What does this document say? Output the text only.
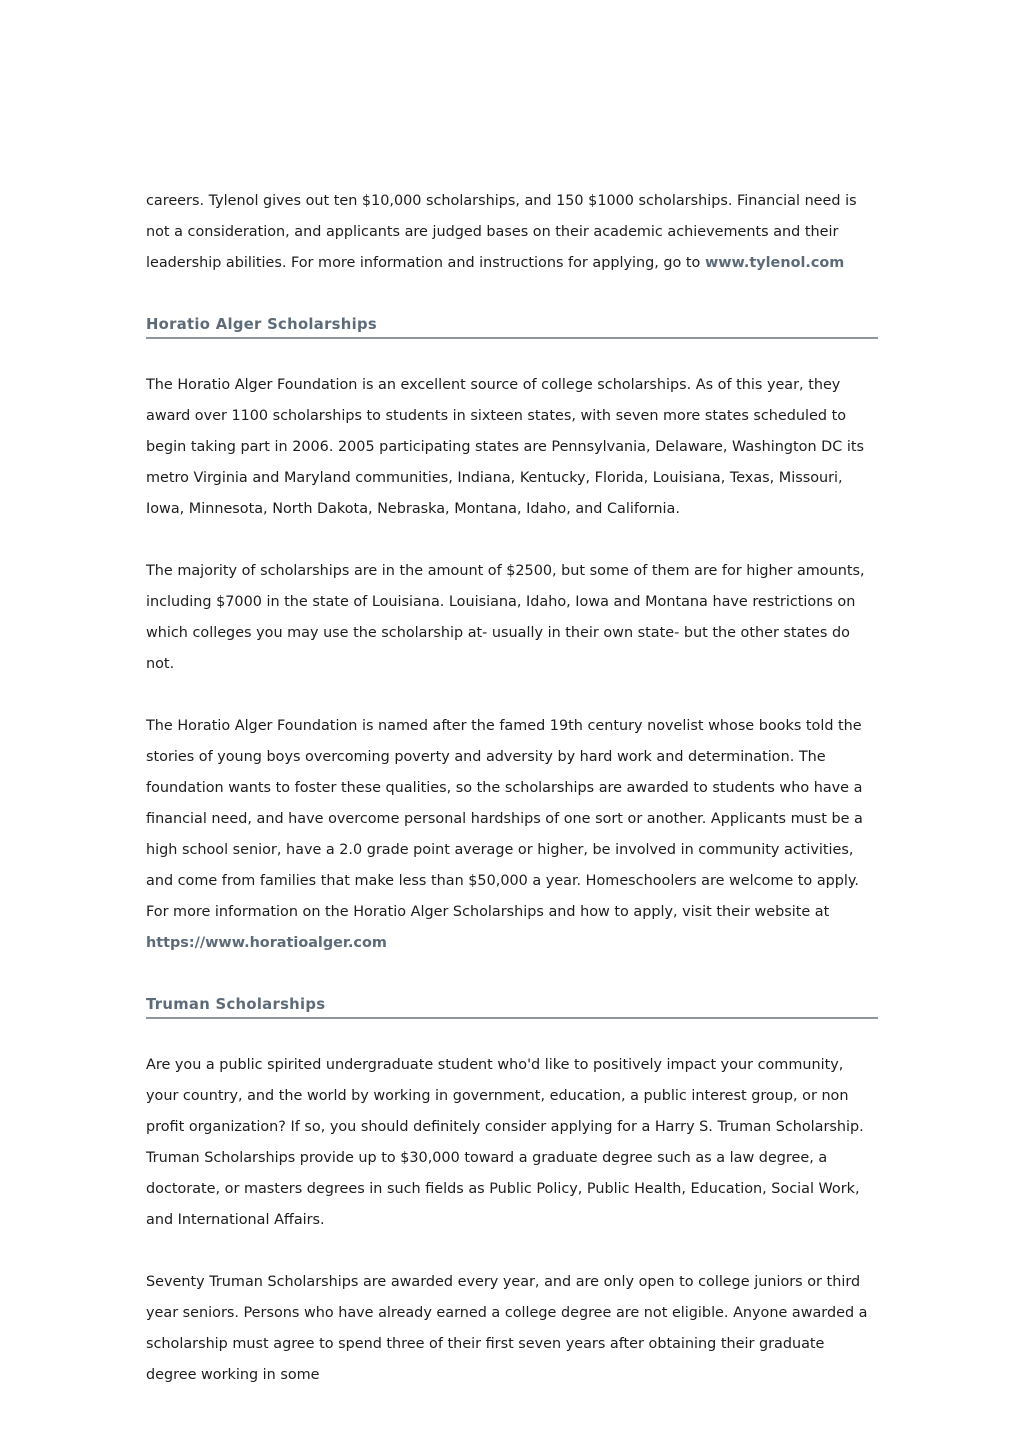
careers. Tylenol gives out ten $10,000 scholarships, and 150 $1000 scholarships. Financial need is not a consideration, and applicants are judged bases on their academic achievements and their leadership abilities. For more information and instructions for applying, go to www.tylenol.com

Horatio Alger Scholarships

The Horatio Alger Foundation is an excellent source of college scholarships. As of this year, they award over 1100 scholarships to students in sixteen states, with seven more states scheduled to begin taking part in 2006. 2005 participating states are Pennsylvania, Delaware, Washington DC its metro Virginia and Maryland communities, Indiana, Kentucky, Florida, Louisiana, Texas, Missouri, Iowa, Minnesota, North Dakota, Nebraska, Montana, Idaho, and California.

The majority of scholarships are in the amount of $2500, but some of them are for higher amounts, including $7000 in the state of Louisiana. Louisiana, Idaho, Iowa and Montana have restrictions on which colleges you may use the scholarship at- usually in their own state- but the other states do not.

The Horatio Alger Foundation is named after the famed 19th century novelist whose books told the stories of young boys overcoming poverty and adversity by hard work and determination. The foundation wants to foster these qualities, so the scholarships are awarded to students who have a financial need, and have overcome personal hardships of one sort or another. Applicants must be a high school senior, have a 2.0 grade point average or higher, be involved in community activities, and come from families that make less than $50,000 a year. Homeschoolers are welcome to apply. For more information on the Horatio Alger Scholarships and how to apply, visit their website at https://www.horatioalger.com

Truman Scholarships

Are you a public spirited undergraduate student who'd like to positively impact your community, your country, and the world by working in government, education, a public interest group, or non profit organization? If so, you should definitely consider applying for a Harry S. Truman Scholarship. Truman Scholarships provide up to $30,000 toward a graduate degree such as a law degree, a doctorate, or masters degrees in such fields as Public Policy, Public Health, Education, Social Work, and International Affairs.

Seventy Truman Scholarships are awarded every year, and are only open to college juniors or third year seniors. Persons who have already earned a college degree are not eligible. Anyone awarded a scholarship must agree to spend three of their first seven years after obtaining their graduate degree working in some
